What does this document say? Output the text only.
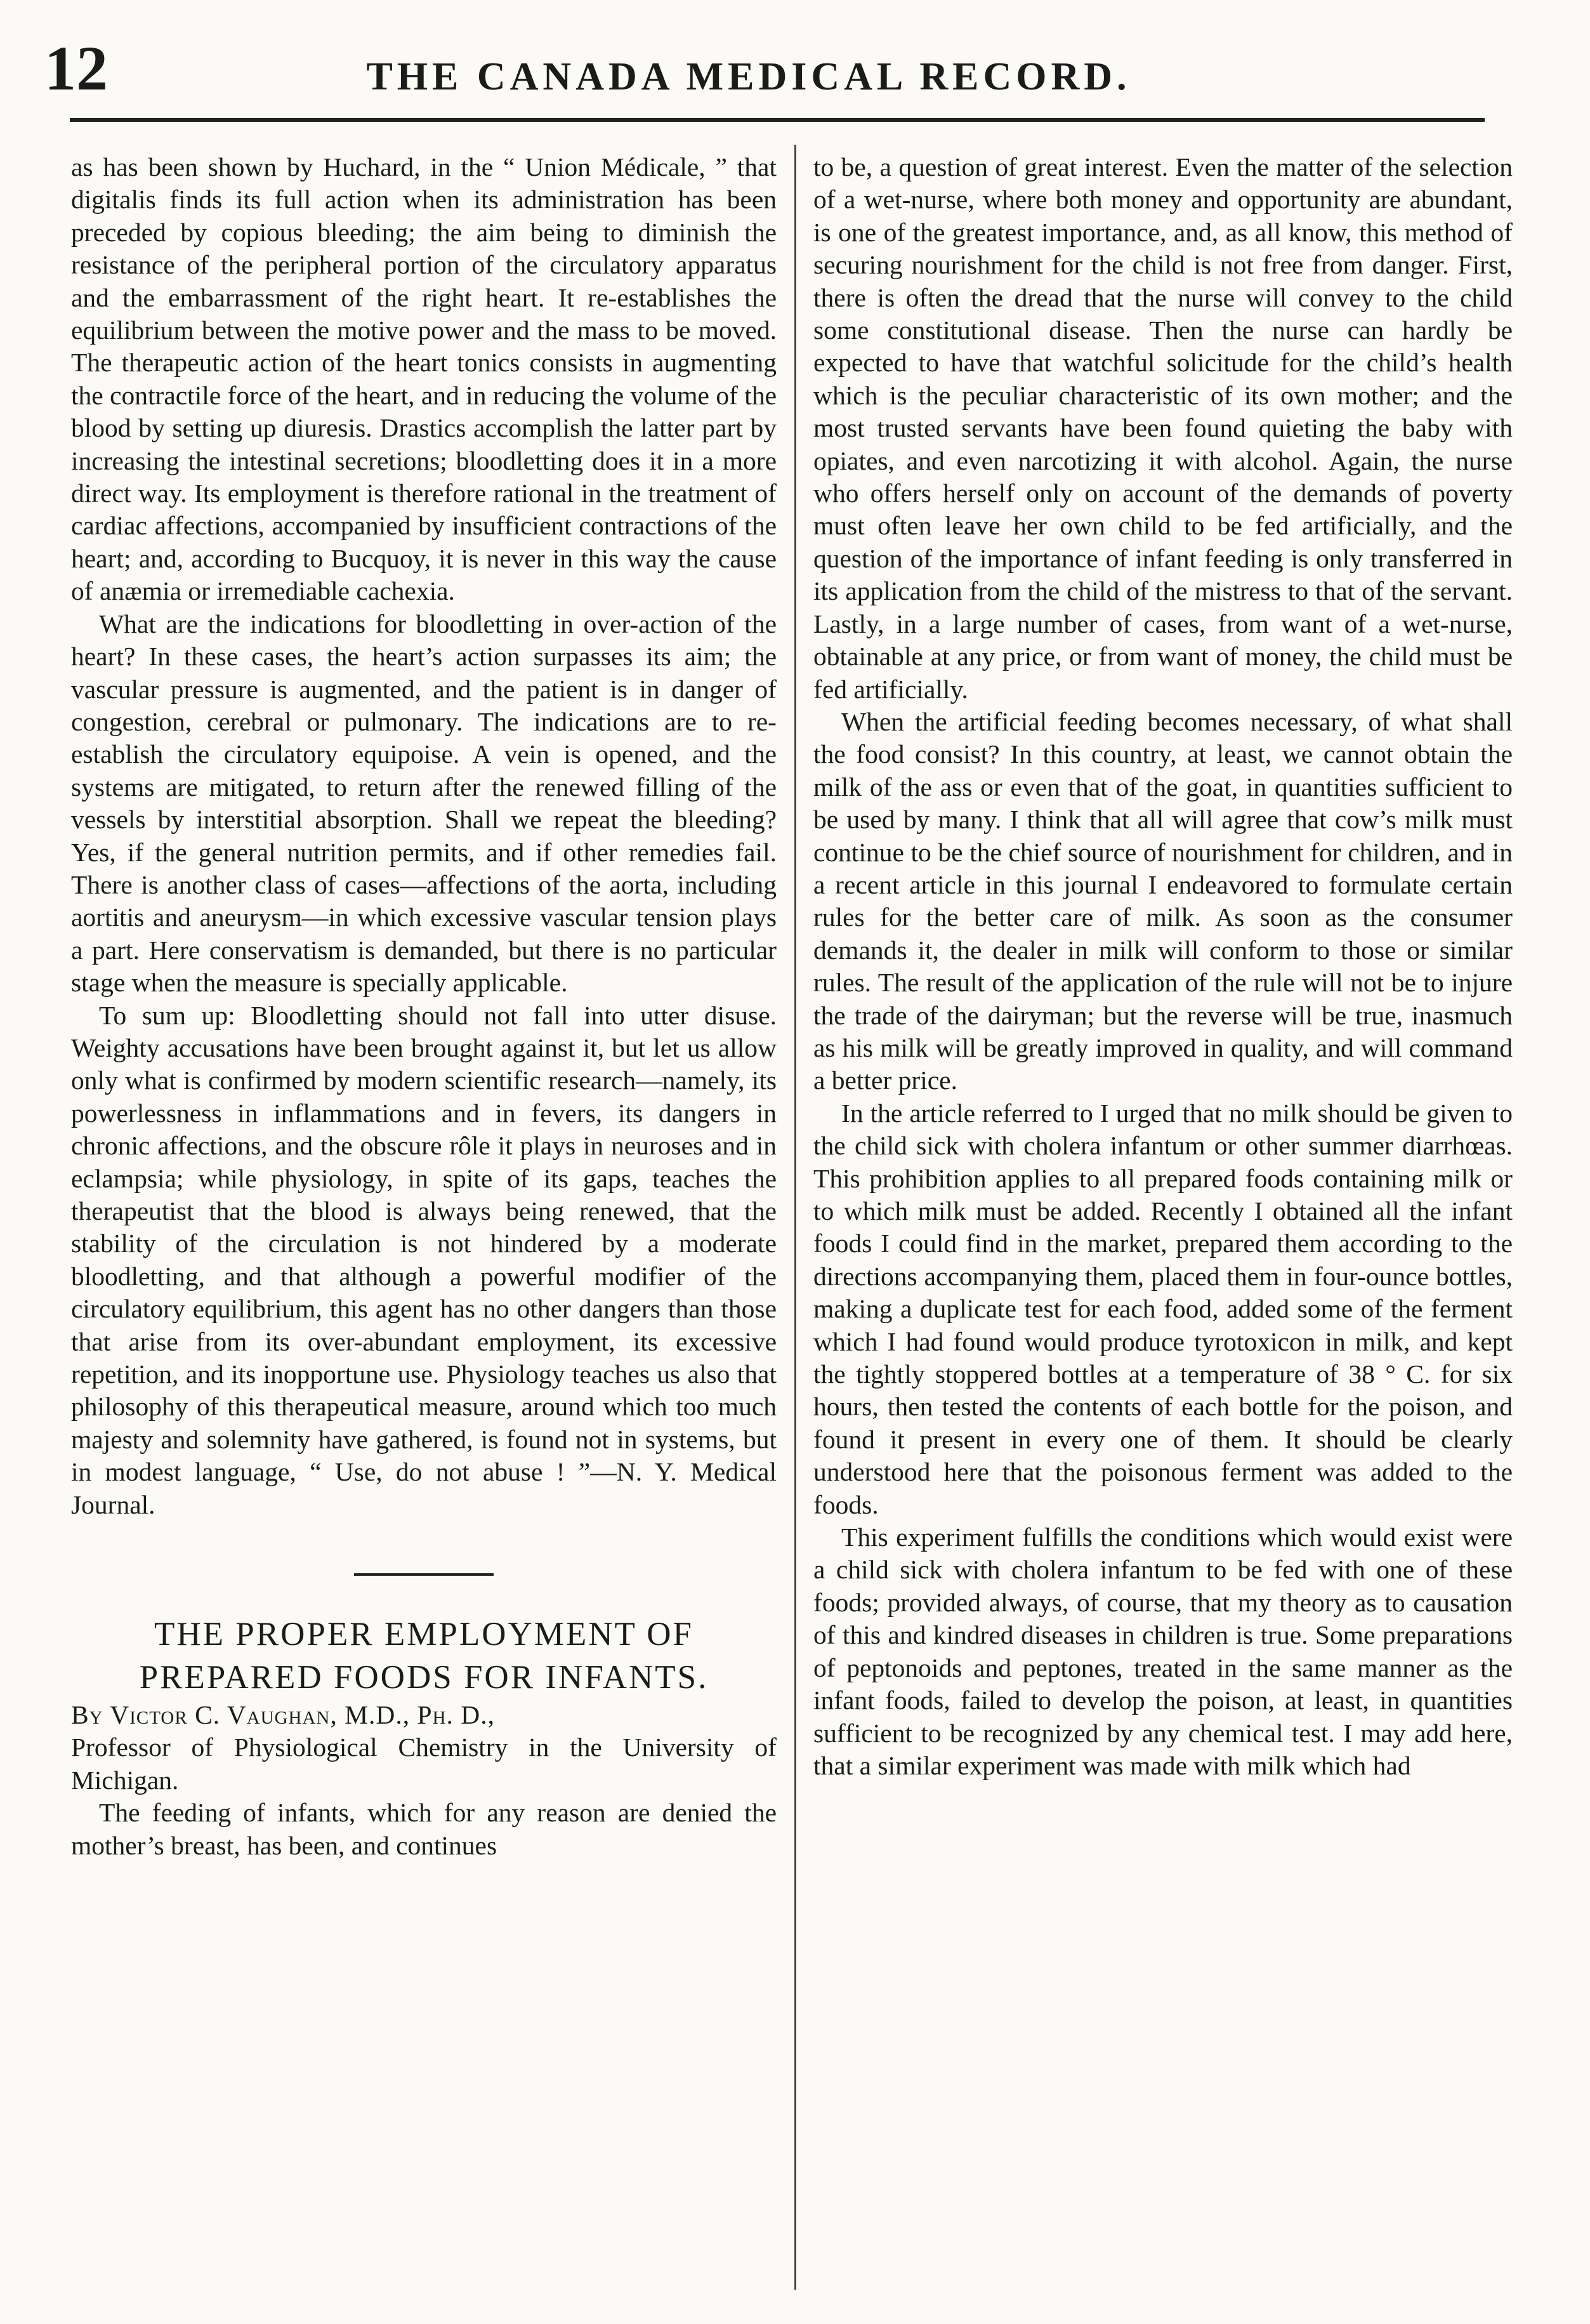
12	THE CANADA MEDICAL RECORD.

as has been shown by Huchard, in the “ Union Médicale, ” that digitalis finds its full action when its administration has been preceded by copious bleeding; the aim being to diminish the resistance of the peripheral portion of the circulatory apparatus and the embarrassment of the right heart. It re-establishes the equilibrium between the motive power and the mass to be moved. The therapeutic action of the heart tonics consists in augmenting the contractile force of the heart, and in reducing the volume of the blood by setting up diuresis. Drastics accomplish the latter part by increasing the intestinal secretions; bloodletting does it in a more direct way. Its employment is therefore rational in the treatment of cardiac affections, accompanied by insufficient contractions of the heart; and, according to Bucquoy, it is never in this way the cause of anæmia or irremediable cachexia.

What are the indications for bloodletting in over-action of the heart? In these cases, the heart’s action surpasses its aim; the vascular pressure is augmented, and the patient is in danger of congestion, cerebral or pulmonary. The indications are to re-establish the circulatory equipoise. A vein is opened, and the systems are mitigated, to return after the renewed filling of the vessels by interstitial absorption. Shall we repeat the bleeding? Yes, if the general nutrition permits, and if other remedies fail. There is another class of cases—affections of the aorta, including aortitis and aneurysm—in which excessive vascular tension plays a part. Here conservatism is demanded, but there is no particular stage when the measure is specially applicable.

To sum up: Bloodletting should not fall into utter disuse. Weighty accusations have been brought against it, but let us allow only what is confirmed by modern scientific research—namely, its powerlessness in inflammations and in fevers, its dangers in chronic affections, and the obscure rôle it plays in neuroses and in eclampsia; while physiology, in spite of its gaps, teaches the therapeutist that the blood is always being renewed, that the stability of the circulation is not hindered by a moderate bloodletting, and that although a powerful modifier of the circulatory equilibrium, this agent has no other dangers than those that arise from its over-abundant employment, its excessive repetition, and its inopportune use. Physiology teaches us also that philosophy of this therapeutical measure, around which too much majesty and solemnity have gathered, is found not in systems, but in modest language, “ Use, do not abuse ! ”—N. Y. Medical Journal.

THE PROPER EMPLOYMENT OF PREPARED FOODS FOR INFANTS.

By Victor C. Vaughan, M.D., Ph. D.,

Professor of Physiological Chemistry in the University of Michigan.

The feeding of infants, which for any reason are denied the mother’s breast, has been, and continues

to be, a question of great interest. Even the matter of the selection of a wet-nurse, where both money and opportunity are abundant, is one of the greatest importance, and, as all know, this method of securing nourishment for the child is not free from danger. First, there is often the dread that the nurse will convey to the child some constitutional disease. Then the nurse can hardly be expected to have that watchful solicitude for the child’s health which is the peculiar characteristic of its own mother; and the most trusted servants have been found quieting the baby with opiates, and even narcotizing it with alcohol. Again, the nurse who offers herself only on account of the demands of poverty must often leave her own child to be fed artificially, and the question of the importance of infant feeding is only transferred in its application from the child of the mistress to that of the servant. Lastly, in a large number of cases, from want of a wet-nurse, obtainable at any price, or from want of money, the child must be fed artificially.

When the artificial feeding becomes necessary, of what shall the food consist? In this country, at least, we cannot obtain the milk of the ass or even that of the goat, in quantities sufficient to be used by many. I think that all will agree that cow’s milk must continue to be the chief source of nourishment for children, and in a recent article in this journal I endeavored to formulate certain rules for the better care of milk. As soon as the consumer demands it, the dealer in milk will conform to those or similar rules. The result of the application of the rule will not be to injure the trade of the dairyman; but the reverse will be true, inasmuch as his milk will be greatly improved in quality, and will command a better price.

In the article referred to I urged that no milk should be given to the child sick with cholera infantum or other summer diarrhœas. This prohibition applies to all prepared foods containing milk or to which milk must be added. Recently I obtained all the infant foods I could find in the market, prepared them according to the directions accompanying them, placed them in four-ounce bottles, making a duplicate test for each food, added some of the ferment which I had found would produce tyrotoxicon in milk, and kept the tightly stoppered bottles at a temperature of 38 ° C. for six hours, then tested the contents of each bottle for the poison, and found it present in every one of them. It should be clearly understood here that the poisonous ferment was added to the foods.

This experiment fulfills the conditions which would exist were a child sick with cholera infantum to be fed with one of these foods; provided always, of course, that my theory as to causation of this and kindred diseases in children is true. Some preparations of peptonoids and peptones, treated in the same manner as the infant foods, failed to develop the poison, at least, in quantities sufficient to be recognized by any chemical test. I may add here, that a similar experiment was made with milk which had
